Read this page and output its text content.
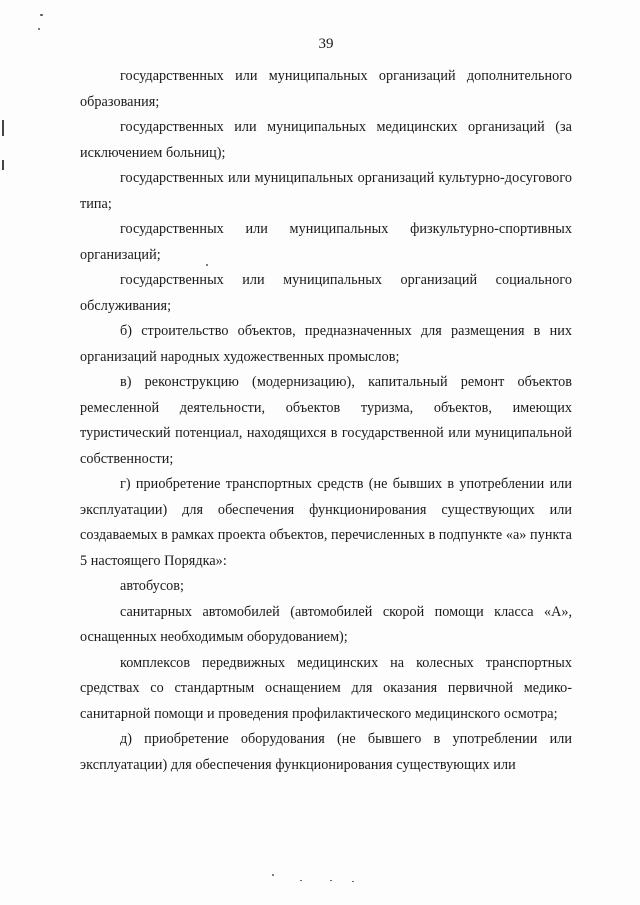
39

государственных или муниципальных организаций дополнительного образования;

государственных или муниципальных медицинских организаций (за исключением больниц);

государственных или муниципальных организаций культурно-досугового типа;

государственных или муниципальных физкультурно-спортивных организаций;

государственных или муниципальных организаций социального обслуживания;

б) строительство объектов, предназначенных для размещения в них организаций народных художественных промыслов;

в) реконструкцию (модернизацию), капитальный ремонт объектов ремесленной деятельности, объектов туризма, объектов, имеющих туристический потенциал, находящихся в государственной или муниципальной собственности;

г) приобретение транспортных средств (не бывших в употреблении или эксплуатации) для обеспечения функционирования существующих или создаваемых в рамках проекта объектов, перечисленных в подпункте «а» пункта 5 настоящего Порядка»:

автобусов;

санитарных автомобилей (автомобилей скорой помощи класса «А», оснащенных необходимым оборудованием);

комплексов передвижных медицинских на колесных транспортных средствах со стандартным оснащением для оказания первичной медико-санитарной помощи и проведения профилактического медицинского осмотра;

д) приобретение оборудования (не бывшего в употреблении или эксплуатации) для обеспечения функционирования существующих или
